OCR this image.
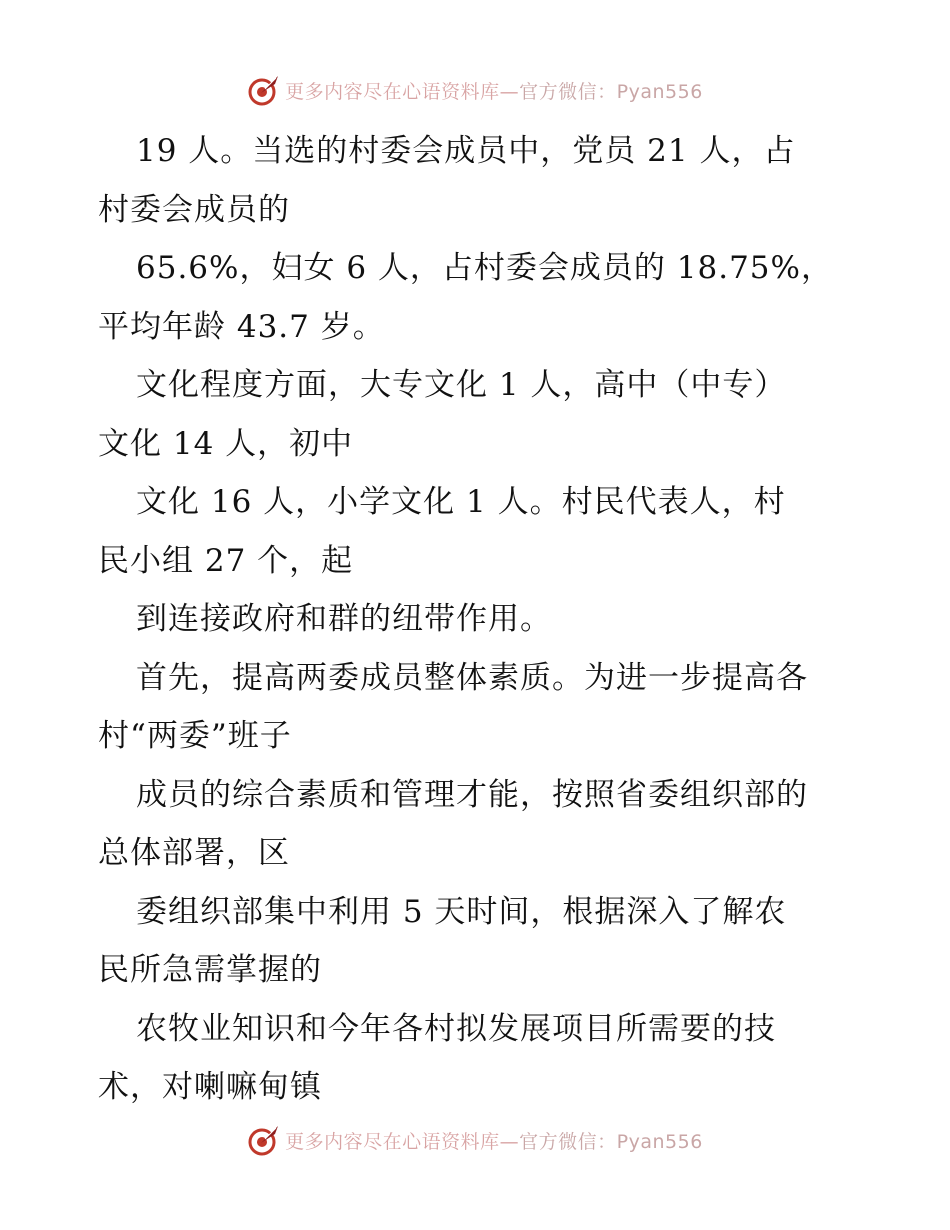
更多内容尽在心语资料库—官方微信：Pyan556
19 人。当选的村委会成员中，党员 21 人，占
村委会成员的
65.6%，妇女 6 人，占村委会成员的 18.75%，
平均年龄 43.7 岁。
文化程度方面，大专文化 1 人，高中（中专）
文化 14 人，初中
文化 16 人，小学文化 1 人。村民代表人，村
民小组 27 个，起
到连接政府和群的纽带作用。
首先，提高两委成员整体素质。为进一步提高各
村“两委”班子
成员的综合素质和管理才能，按照省委组织部的
总体部署，区
委组织部集中利用 5 天时间，根据深入了解农
民所急需掌握的
农牧业知识和今年各村拟发展项目所需要的技
术，对喇嘛甸镇
更多内容尽在心语资料库—官方微信：Pyan556
